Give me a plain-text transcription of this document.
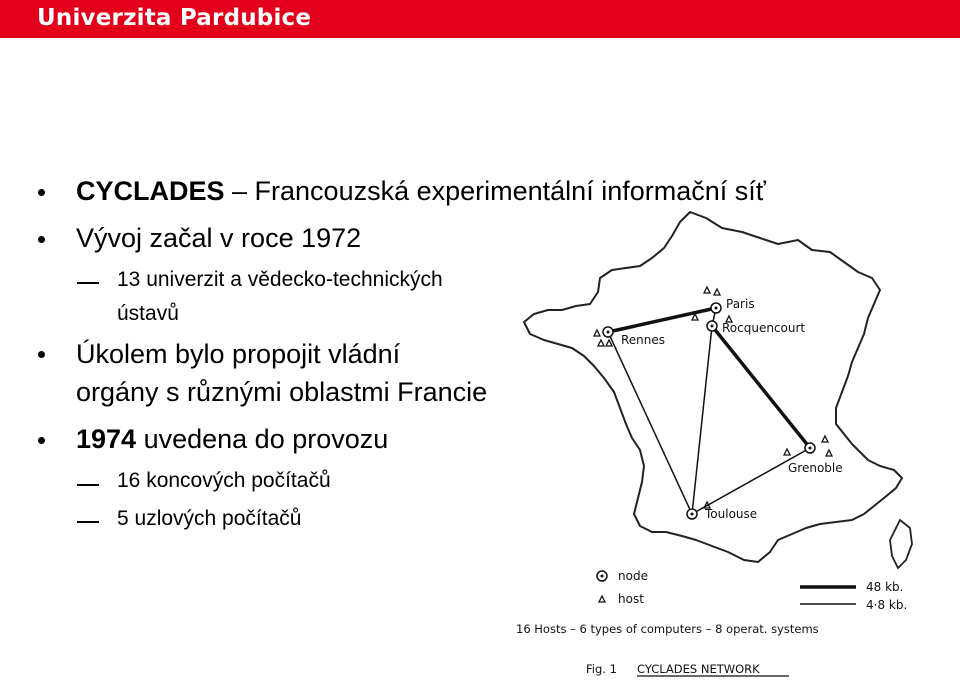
Univerzita Pardubice
CYCLADES – Francouzská experimentální informační síť
Vývoj začal v roce 1972
13 univerzit a vědecko-technických
ústavů
Úkolem bylo propojit vládní
orgány s různými oblastmi Francie
1974 uvedena do provozu
16 koncových počítačů
5 uzlových počítačů
Paris
Rocquencourt
Rennes
Grenoble
Toulouse
node
host
48 kb.
4·8 kb.
16 Hosts – 6 types of computers – 8 operat. systems
Fig. 1 CYCLADES NETWORK
